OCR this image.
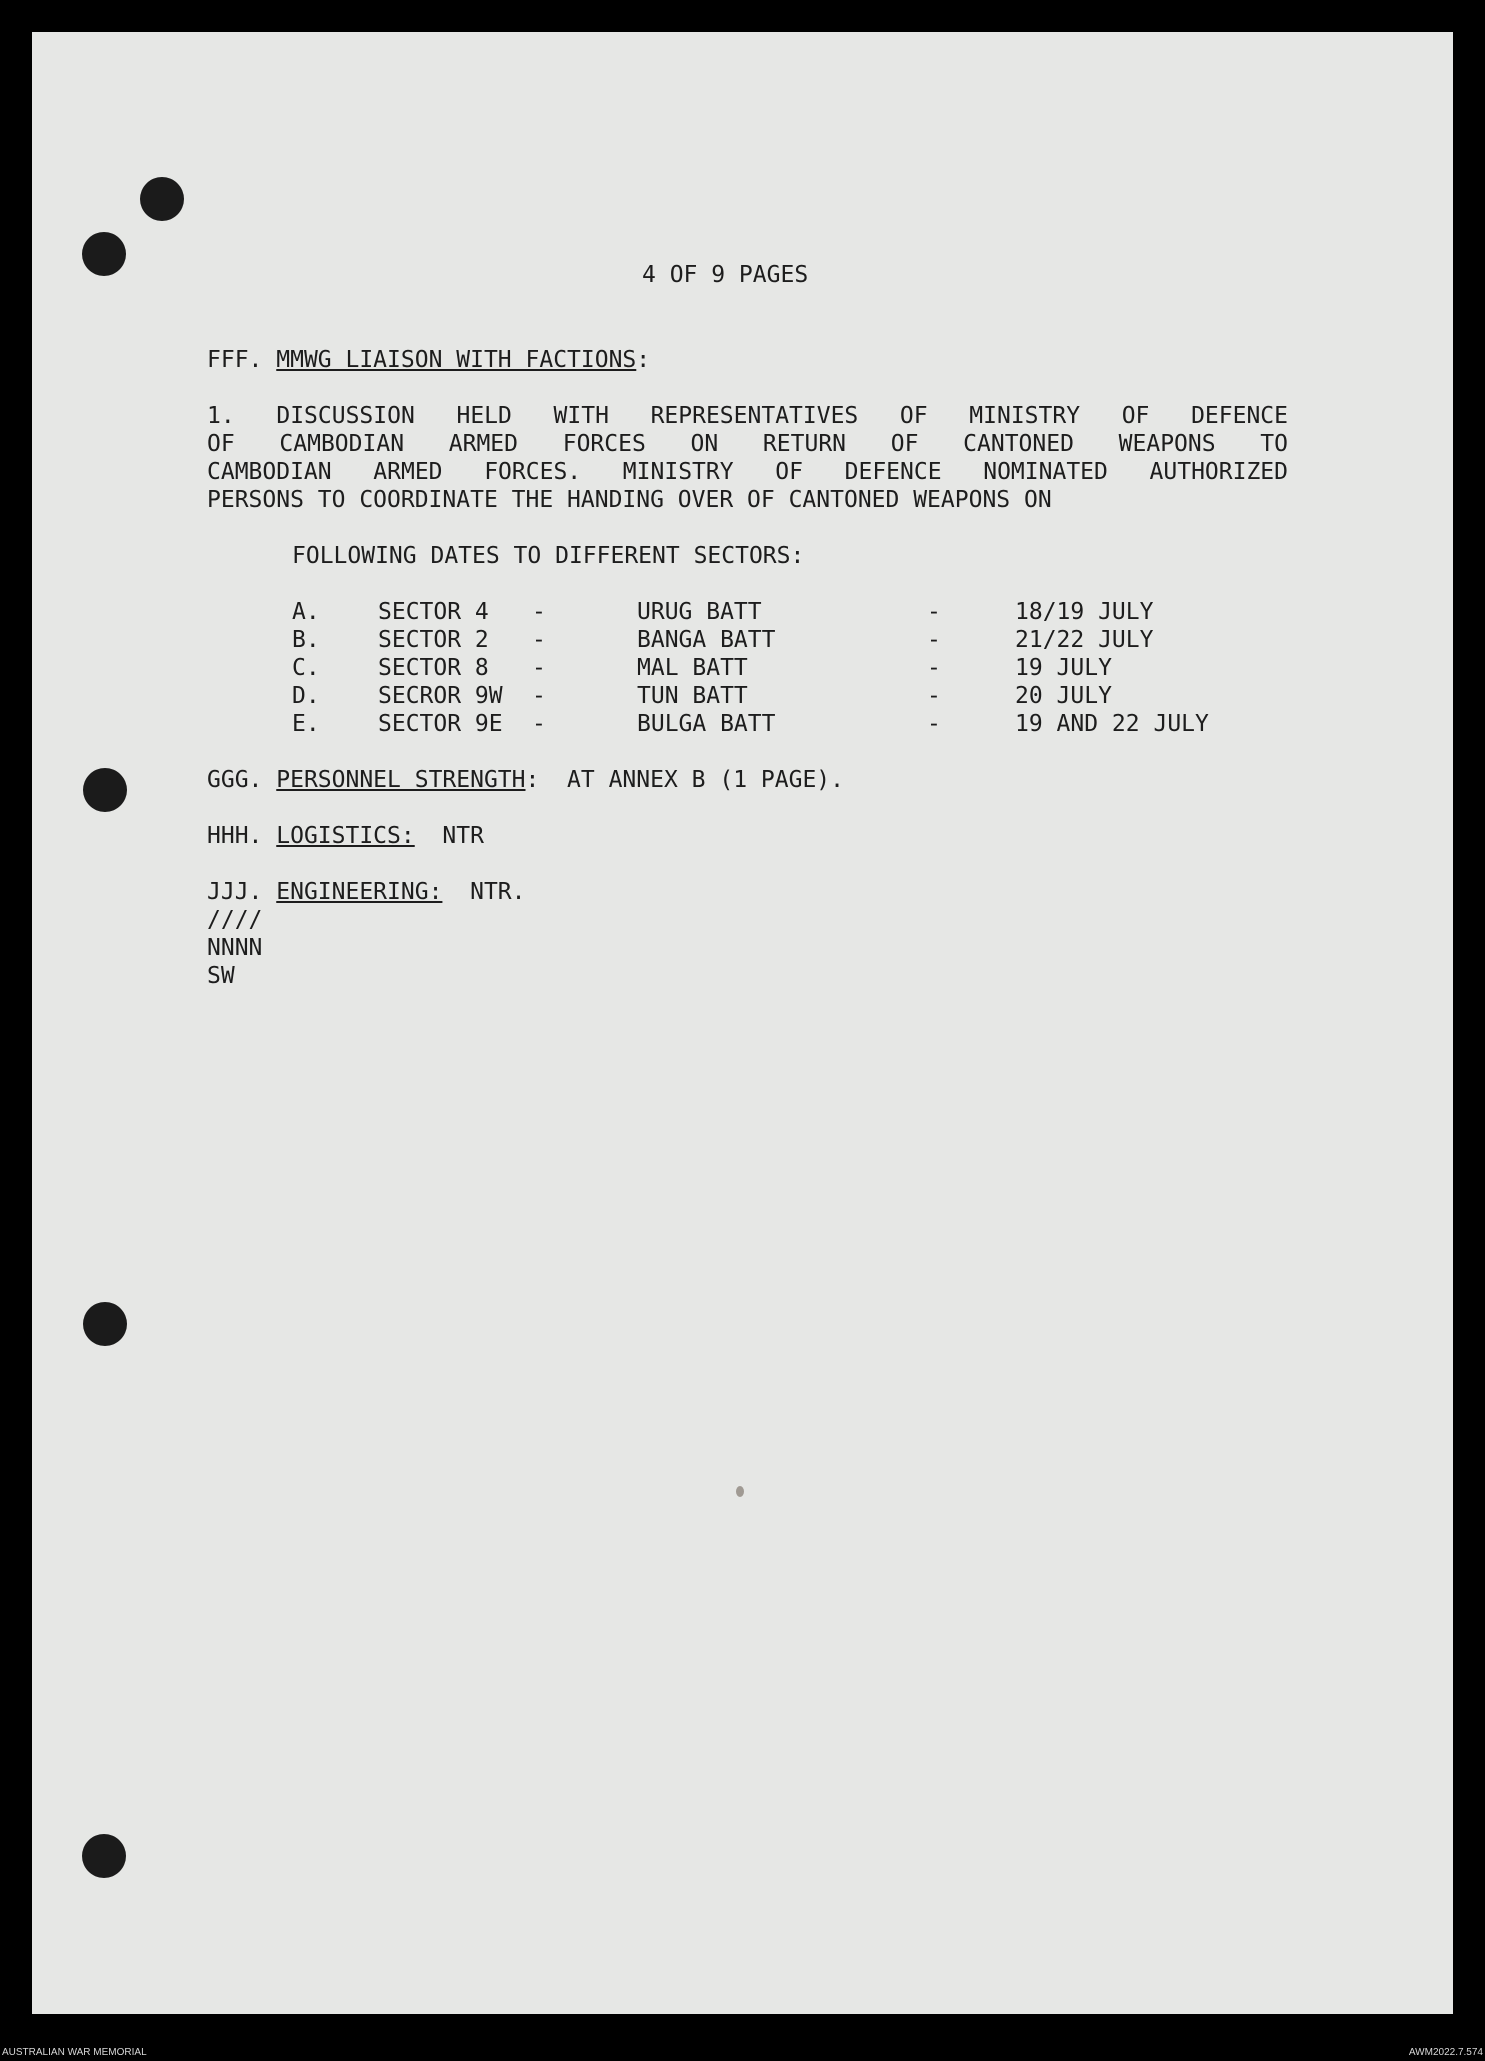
4 OF 9 PAGES
FFF. MMWG LIAISON WITH FACTIONS:
1. DISCUSSION HELD WITH REPRESENTATIVES OF MINISTRY OF DEFENCE
OF CAMBODIAN ARMED FORCES ON RETURN OF CANTONED WEAPONS TO
CAMBODIAN ARMED FORCES. MINISTRY OF DEFENCE NOMINATED AUTHORIZED
PERSONS TO COORDINATE THE HANDING OVER OF CANTONED WEAPONS ON
FOLLOWING DATES TO DIFFERENT SECTORS:
A.	SECTOR 4 -	URUG BATT	-	18/19 JULY
B.	SECTOR 2 -	BANGA BATT	-	21/22 JULY
C.	SECTOR 8 -	MAL BATT	-	19 JULY
D.	SECROR 9W -	TUN BATT	-	20 JULY
E.	SECTOR 9E -	BULGA BATT	-	19 AND 22 JULY
GGG. PERSONNEL STRENGTH:  AT ANNEX B (1 PAGE).
HHH. LOGISTICS:  NTR
JJJ. ENGINEERING:  NTR.
////
NNNN
SW
AUSTRALIAN WAR MEMORIAL	AWM2022.7.574
